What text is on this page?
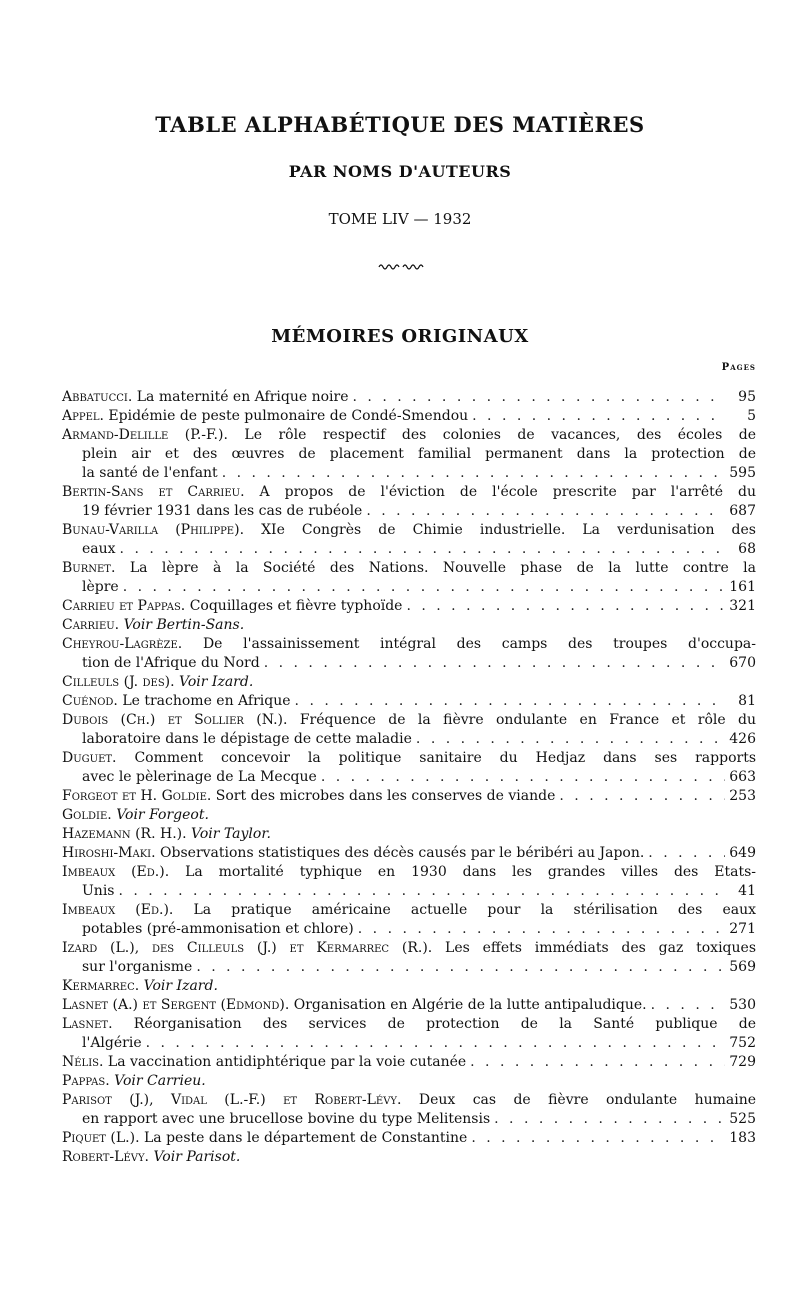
TABLE ALPHABÉTIQUE DES MATIÈRES
PAR NOMS D'AUTEURS
TOME LIV — 1932
MÉMOIRES ORIGINAUX
Pages
Abbatucci. La maternité en Afrique noire . . .	95
Appel. Epidémie de peste pulmonaire de Condé-Smendou . . .	5
Armand-Delille (P.-F.). Le rôle respectif des colonies de vacances, des écoles de
plein air et des œuvres de placement familial permanent dans la protection de
la santé de l'enfant . . .	595
Bertin-Sans et Carrieu. A propos de l'éviction de l'école prescrite par l'arrêté du
19 février 1931 dans les cas de rubéole . . .	687
Bunau-Varilla (Philippe). XIe Congrès de Chimie industrielle. La verdunisation des
eaux . . .	68
Burnet. La lèpre à la Société des Nations. Nouvelle phase de la lutte contre la
lèpre . . .	161
Carrieu et Pappas. Coquillages et fièvre typhoïde . . .	321
Carrieu. Voir Bertin-Sans.
Cheyrou-Lagrèze. De l'assainissement intégral des camps des troupes d'occupa-
tion de l'Afrique du Nord . . .	670
Cilleuls (J. des). Voir Izard.
Cuénod. Le trachome en Afrique . . .	81
Dubois (Ch.) et Sollier (N.). Fréquence de la fièvre ondulante en France et rôle du
laboratoire dans le dépistage de cette maladie . . .	426
Duguet. Comment concevoir la politique sanitaire du Hedjaz dans ses rapports
avec le pèlerinage de La Mecque . . .	663
Forgeot et H. Goldie. Sort des microbes dans les conserves de viande . . .	253
Goldie. Voir Forgeot.
Hazemann (R. H.). Voir Taylor.
Hiroshi-Maki. Observations statistiques des décès causés par le béribéri au Japon. . . .	649
Imbeaux (Ed.). La mortalité typhique en 1930 dans les grandes villes des Etats-
Unis . . .	41
Imbeaux (Ed.). La pratique américaine actuelle pour la stérilisation des eaux
potables (pré-ammonisation et chlore) . . .	271
Izard (L.), des Cilleuls (J.) et Kermarrec (R.). Les effets immédiats des gaz toxiques
sur l'organisme . . .	569
Kermarrec. Voir Izard.
Lasnet (A.) et Sergent (Edmond). Organisation en Algérie de la lutte antipaludique. . . .	530
Lasnet. Réorganisation des services de protection de la Santé publique de
l'Algérie . . .	752
Nélis. La vaccination antidiphtérique par la voie cutanée . . .	729
Pappas. Voir Carrieu.
Parisot (J.), Vidal (L.-F.) et Robert-Lévy. Deux cas de fièvre ondulante humaine
en rapport avec une brucellose bovine du type Melitensis . . .	525
Piquet (L.). La peste dans le département de Constantine . . .	183
Robert-Lévy. Voir Parisot.
